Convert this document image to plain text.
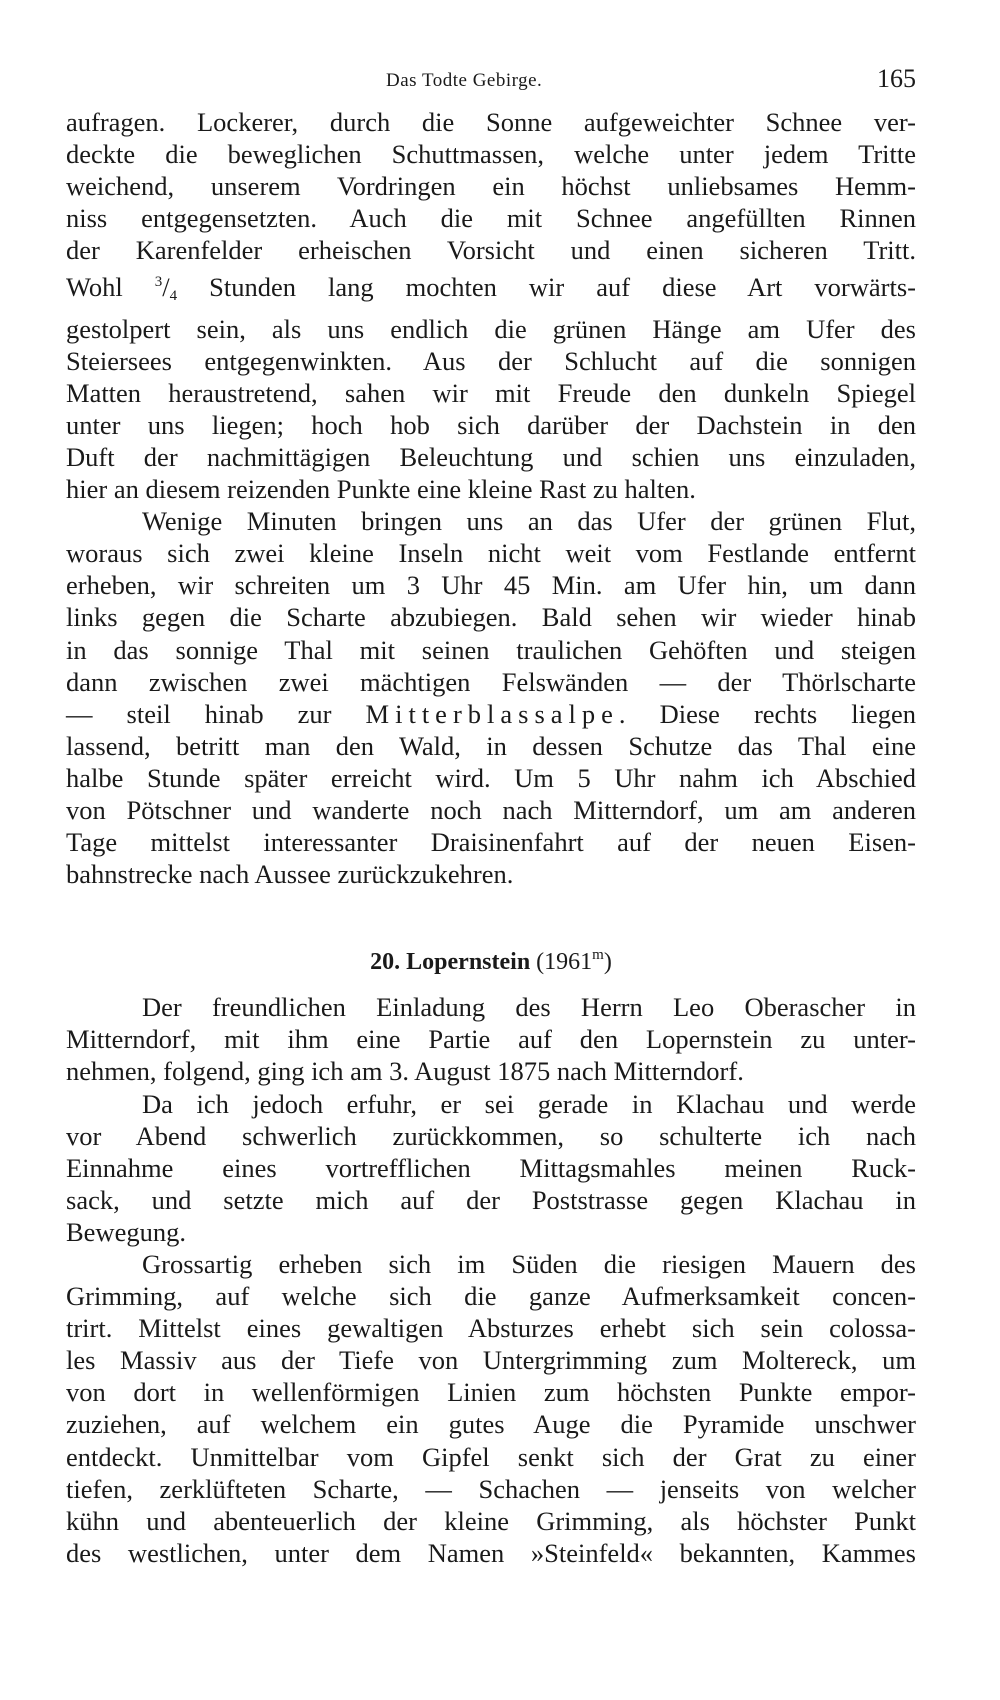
Das Todte Gebirge.	165
aufragen. Lockerer, durch die Sonne aufgeweichter Schnee ver-
deckte die beweglichen Schuttmassen, welche unter jedem Tritte
weichend, unserem Vordringen ein höchst unliebsames Hemm-
niss entgegensetzten. Auch die mit Schnee angefüllten Rinnen
der Karenfelder erheischen Vorsicht und einen sicheren Tritt.
Wohl $^3/_4$ Stunden lang mochten wir auf diese Art vorwärts-
gestolpert sein, als uns endlich die grünen Hänge am Ufer des
Steiersees entgegenwinkten. Aus der Schlucht auf die sonnigen
Matten heraustretend, sahen wir mit Freude den dunkeln Spiegel
unter uns liegen; hoch hob sich darüber der Dachstein in den
Duft der nachmittägigen Beleuchtung und schien uns einzuladen,
hier an diesem reizenden Punkte eine kleine Rast zu halten.
Wenige Minuten bringen uns an das Ufer der grünen Flut,
woraus sich zwei kleine Inseln nicht weit vom Festlande entfernt
erheben, wir schreiten um 3 Uhr 45 Min. am Ufer hin, um dann
links gegen die Scharte abzubiegen. Bald sehen wir wieder hinab
in das sonnige Thal mit seinen traulichen Gehöften und steigen
dann zwischen zwei mächtigen Felswänden — der Thörlscharte
— steil hinab zur Mitterblassalpe. Diese rechts liegen
lassend, betritt man den Wald, in dessen Schutze das Thal eine
halbe Stunde später erreicht wird. Um 5 Uhr nahm ich Abschied
von Pötschner und wanderte noch nach Mitterndorf, um am anderen
Tage mittelst interessanter Draisinenfahrt auf der neuen Eisen-
bahnstrecke nach Aussee zurückzukehren.
20. Lopernstein (1961$^m$)
Der freundlichen Einladung des Herrn Leo Oberascher in
Mitterndorf, mit ihm eine Partie auf den Lopernstein zu unter-
nehmen, folgend, ging ich am 3. August 1875 nach Mitterndorf.
Da ich jedoch erfuhr, er sei gerade in Klachau und werde
vor Abend schwerlich zurückkommen, so schulterte ich nach
Einnahme eines vortrefflichen Mittagsmahles meinen Ruck-
sack, und setzte mich auf der Poststrasse gegen Klachau in
Bewegung.
Grossartig erheben sich im Süden die riesigen Mauern des
Grimming, auf welche sich die ganze Aufmerksamkeit concen-
trirt. Mittelst eines gewaltigen Absturzes erhebt sich sein colossa-
les Massiv aus der Tiefe von Untergrimming zum Moltereck, um
von dort in wellenförmigen Linien zum höchsten Punkte empor-
zuziehen, auf welchem ein gutes Auge die Pyramide unschwer
entdeckt. Unmittelbar vom Gipfel senkt sich der Grat zu einer
tiefen, zerklüfteten Scharte, — Schachen — jenseits von welcher
kühn und abenteuerlich der kleine Grimming, als höchster Punkt
des westlichen, unter dem Namen »Steinfeld« bekannten, Kammes
